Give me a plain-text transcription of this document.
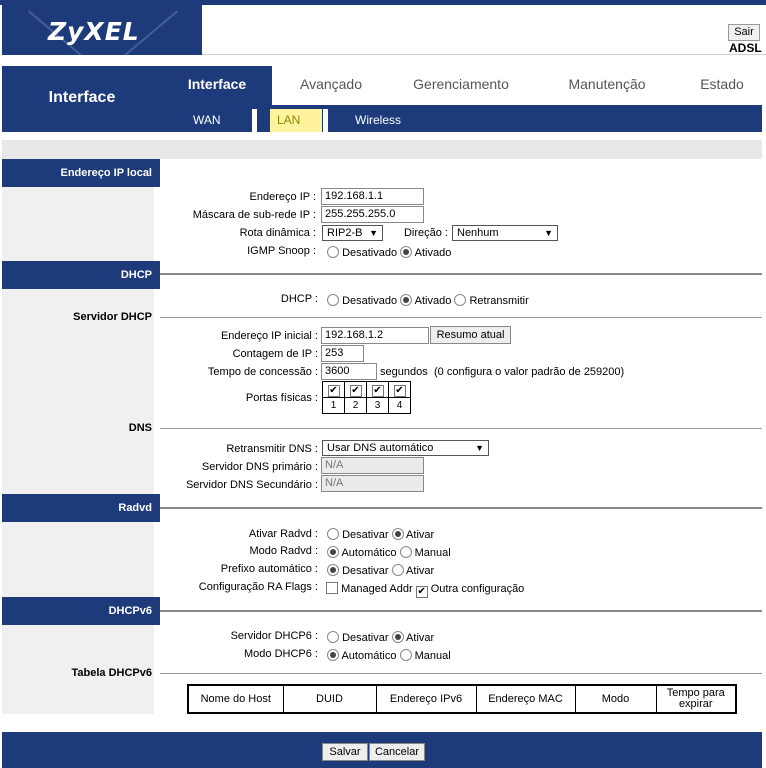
ZyXEL	Sair
ADSL
Interface
Interface	Avançado	Gerenciamento	Manutenção	Estado
WAN	LAN	Wireless
Endereço IP local
Endereço IP : 192.168.1.1
Máscara de sub-rede IP : 255.255.255.0
Rota dinâmica :	RIP2-B ▼	Direção : Nenhum	▼
IGMP Snoop :	Desativado Ativado
DHCP
DHCP :	Desativado Ativado Retransmitir
Servidor DHCP
Endereço IP inicial : 192.168.1.2	Resumo atual
Contagem de IP : 253
Tempo de concessão : 3600	segundos (0 configura o valor padrão de 259200)
Portas físicas :
✔	✔	✔	✔
1	2	3	4
DNS
Retransmitir DNS : Usar DNS automático	▼
Servidor DNS primário : N/A
Servidor DNS Secundário : N/A
Radvd
Ativar Radvd :	Desativar Ativar
Modo Radvd :	Automático Manual
Prefixo automático :	Desativar Ativar
Configuração RA Flags :	Managed Addr ✔ Outra configuração
DHCPv6
Servidor DHCP6 :	Desativar Ativar
Modo DHCP6 :	Automático Manual
Tabela DHCPv6
Nome do Host	DUID	Endereço IPv6	Endereço MAC	Modo	Tempo para expirar
Salvar	Cancelar
